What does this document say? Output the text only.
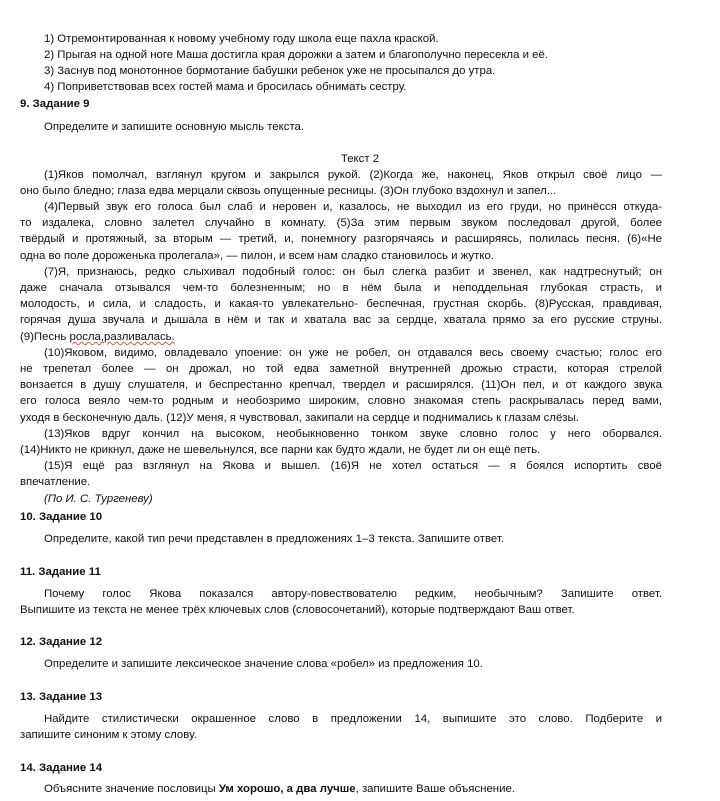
1) Отремонтированная к новому учебному году школа еще пахла краской.
2) Прыгая на одной ноге Маша достигла края дорожки а затем и благополучно пересекла и её.
3) Заснув под монотонное бормотание бабушки ребенок уже не просыпался до утра.
4) Поприветствовав всех гостей мама и бросилась обнимать сестру.
9. Задание 9
Определите и запишите основную мысль текста.
Текст 2
(1)Яков помолчал, взглянул кругом и закрылся рукой. (2)Когда же, наконец, Яков открыл своё лицо —
оно было бледно; глаза едва мерцали сквозь опущенные ресницы. (3)Он глубоко вздохнул и запел...
(4)Первый звук его голоса был слаб и неровен и, казалось, не выходил из его груди, но принёсся откуда-
то издалека, словно залетел случайно в комнату. (5)За этим первым звуком последовал другой, более
твёрдый и протяжный, за вторым — третий, и, понемногу разгорячаясь и расширяясь, полилась песня. (6)«Не
одна во поле дороженька пролегала», — пилон, и всем нам сладко становилось и жутко.
(7)Я, признаюсь, редко слыхивал подобный голос: он был слегка разбит и звенел, как надтреснутый; он
даже сначала отзывался чем-то болезненным; но в нём была и неподдельная глубокая страсть, и
молодость, и сила, и сладость, и какая-то увлекательно- беспечная, грустная скорбь. (8)Русская, правдивая,
горячая душа звучала и дышала в нём и так и хватала вас за сердце, хватала прямо за его русские струны.
(9)Песнь росла,разливалась.
(10)Яковом, видимо, овладевало упоение: он уже не робел, он отдавался весь своему счастью; голос его
не трепетал более — он дрожал, но той едва заметной внутренней дрожью страсти, которая стрелой
вонзается в душу слушателя, и беспрестанно крепчал, твердел и расширялся. (11)Он пел, и от каждого звука
его голоса веяло чем-то родным и необозримо широким, словно знакомая степь раскрывалась перед вами,
уходя в бесконечную даль. (12)У меня, я чувствовал, закипали на сердце и поднимались к глазам слёзы.
(13)Яков вдруг кончил на высоком, необыкновенно тонком звуке словно голос у него оборвался.
(14)Никто не крикнул, даже не шевельнулся, все парни как будто ждали, не будет ли он ещё петь.
(15)Я ещё раз взглянул на Якова и вышел. (16)Я не хотел остаться — я боялся испортить своё
впечатление.
(По И. С. Тургеневу)
10. Задание 10
Определите, какой тип речи представлен в предложениях 1–3 текста. Запишите ответ.
11. Задание 11
Почему голос Якова показался автору-повествователю редким, необычным? Запишите ответ.
Выпишите из текста не менее трёх ключевых слов (словосочетаний), которые подтверждают Ваш ответ.
12. Задание 12
Определите и запишите лексическое значение слова «робел» из предложения 10.
13. Задание 13
Найдите стилистически окрашенное слово в предложении 14, выпишите это слово. Подберите и
запишите синоним к этому слову.
14. Задание 14
Объясните значение пословицы Ум хорошо, а два лучше, запишите Ваше объяснение.
